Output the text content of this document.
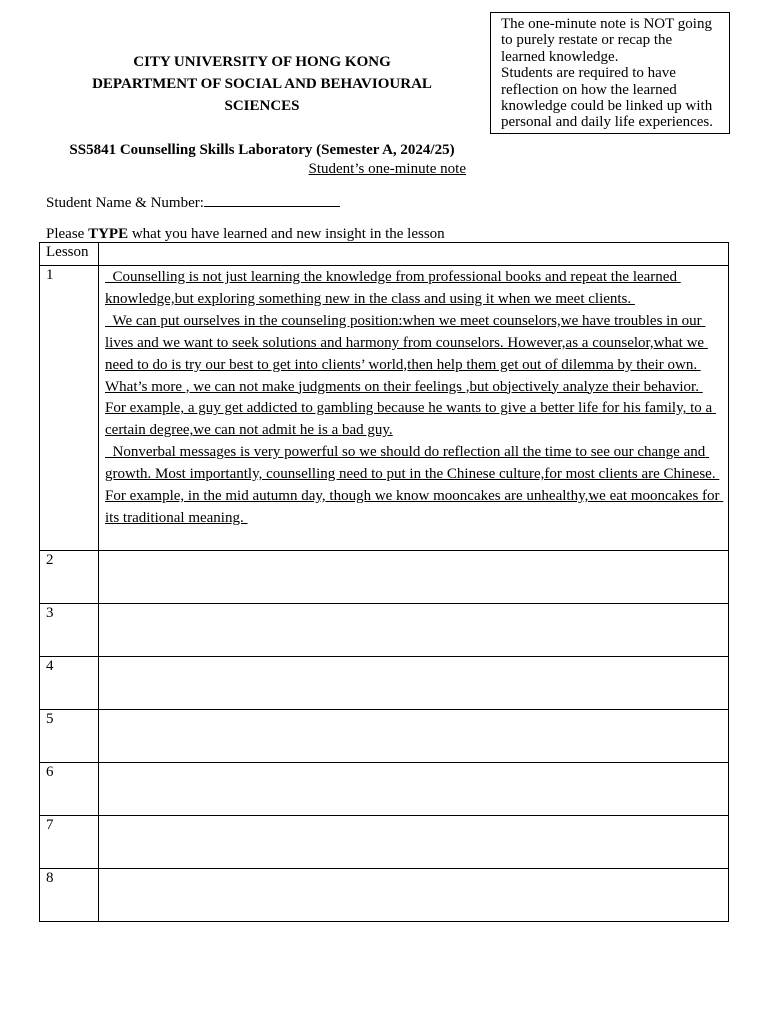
The one-minute note is NOT going to purely restate or recap the learned knowledge.

Students are required to have reflection on how the learned knowledge could be linked up with personal and daily life experiences.

CITY UNIVERSITY OF HONG KONG
DEPARTMENT OF SOCIAL AND BEHAVIOURAL
SCIENCES
SS5841 Counselling Skills Laboratory (Semester A, 2024/25)
Student’s one-minute note
Student Name & Number:
Please TYPE what you have learned and new insight in the lesson
Lesson	
1	Counselling is not just learning the knowledge from professional books and repeat the learned knowledge,but exploring something new in the class and using it when we meet clients.

We can put ourselves in the counseling position:when we meet counselors,we have troubles in our lives and we want to seek solutions and harmony from counselors. However,as a counselor,what we need to do is try our best to get into clients’ world,then help them get out of dilemma by their own. What’s more , we can not make judgments on their feelings ,but objectively analyze their behavior. For example, a guy get addicted to gambling because he wants to give a better life for his family, to a certain degree,we can not admit he is a bad guy.

Nonverbal messages is very powerful so we should do reflection all the time to see our change and growth. Most importantly, counselling need to put in the Chinese culture,for most clients are Chinese. For example, in the mid autumn day, though we know mooncakes are unhealthy,we eat mooncakes for its traditional meaning.

2	
3	
4	
5	
6	
7	
8	
